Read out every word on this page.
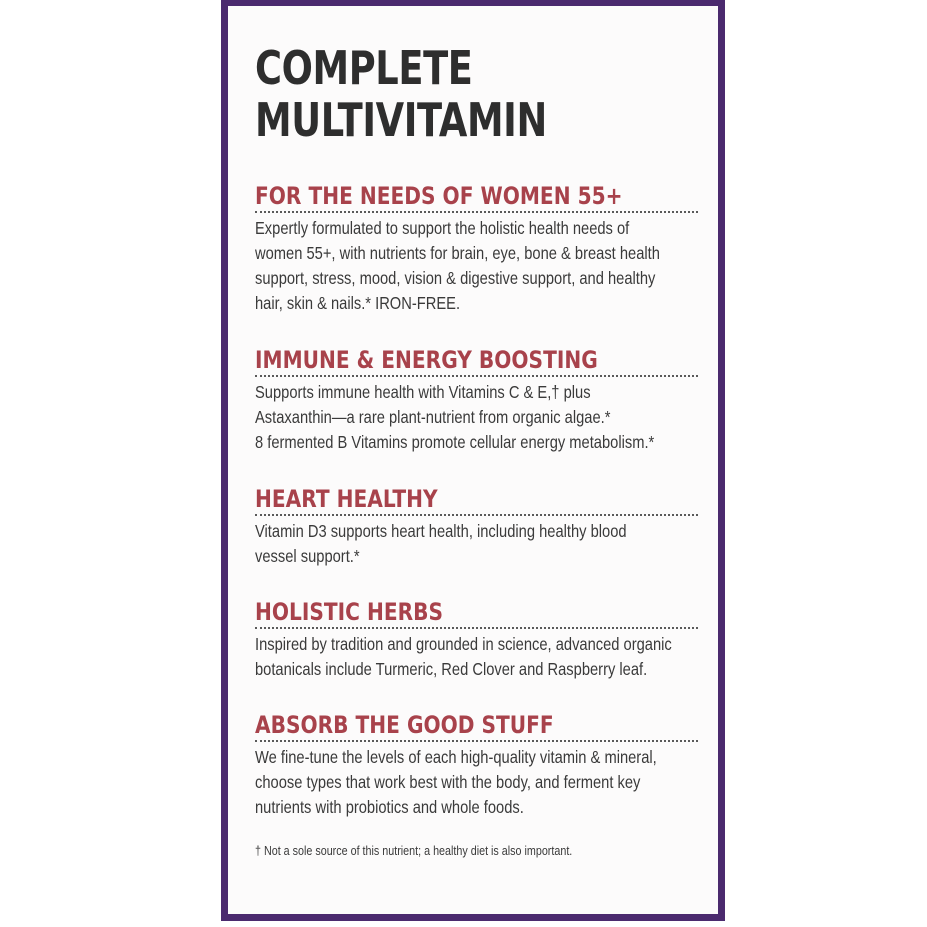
COMPLETE
MULTIVITAMIN
FOR THE NEEDS OF WOMEN 55+
Expertly formulated to support the holistic health needs of
women 55+, with nutrients for brain, eye, bone & breast health
support, stress, mood, vision & digestive support, and healthy
hair, skin & nails.* IRON-FREE.
IMMUNE & ENERGY BOOSTING
Supports immune health with Vitamins C & E,† plus
Astaxanthin—a rare plant-nutrient from organic algae.*
8 fermented B Vitamins promote cellular energy metabolism.*
HEART HEALTHY
Vitamin D3 supports heart health, including healthy blood
vessel support.*
HOLISTIC HERBS
Inspired by tradition and grounded in science, advanced organic
botanicals include Turmeric, Red Clover and Raspberry leaf.
ABSORB THE GOOD STUFF
We fine-tune the levels of each high-quality vitamin & mineral,
choose types that work best with the body, and ferment key
nutrients with probiotics and whole foods.
† Not a sole source of this nutrient; a healthy diet is also important.
